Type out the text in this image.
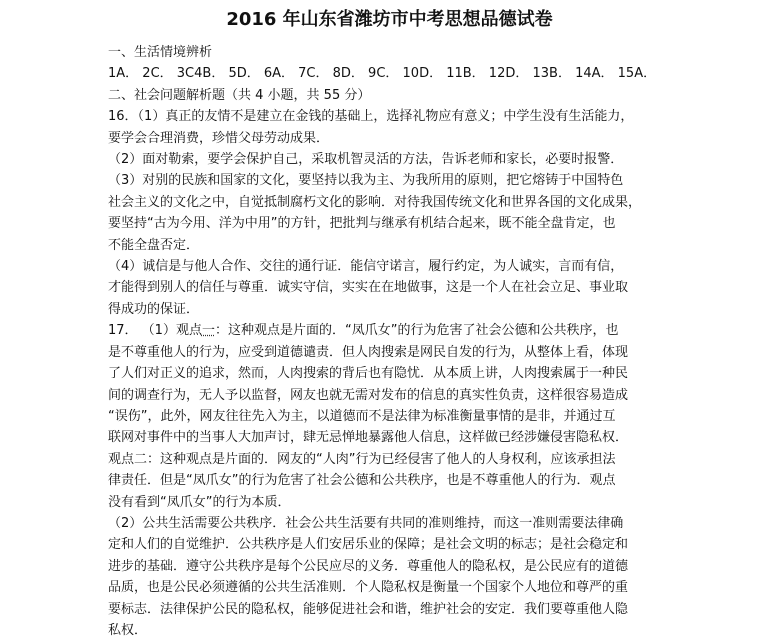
2016 年山东省潍坊市中考思想品德试卷
一、生活情境辨析
1A． 2C． 3C4B． 5D． 6A． 7C． 8D． 9C． 10D． 11B． 12D． 13B． 14A． 15A．
二、社会问题解析题（共 4 小题，共 55 分）
16．（1）真正的友情不是建立在金钱的基础上，选择礼物应有意义；中学生没有生活能力，
要学会合理消费，珍惜父母劳动成果．
（2）面对勒索，要学会保护自己，采取机智灵活的方法，告诉老师和家长，必要时报警．
（3）对别的民族和国家的文化，要坚持以我为主、为我所用的原则，把它熔铸于中国特色
社会主义的文化之中，自觉抵制腐朽文化的影响．对待我国传统文化和世界各国的文化成果，
要坚持“古为今用、洋为中用”的方针，把批判与继承有机结合起来，既不能全盘肯定，也
不能全盘否定．
（4）诚信是与他人合作、交往的通行证．能信守诺言，履行约定，为人诚实，言而有信，
才能得到别人的信任与尊重．诚实守信，实实在在地做事，这是一个人在社会立足、事业取
得成功的保证．
17． （1）观点一：这种观点是片面的．“凤爪女”的行为危害了社会公德和公共秩序，也
是不尊重他人的行为，应受到道德谴责．但人肉搜索是网民自发的行为，从整体上看，体现
了人们对正义的追求，然而，人肉搜索的背后也有隐忧．从本质上讲，人肉搜索属于一种民
间的调查行为，无人予以监督，网友也就无需对发布的信息的真实性负责，这样很容易造成
“误伤”，此外，网友往往先入为主，以道德而不是法律为标准衡量事情的是非，并通过互
联网对事件中的当事人大加声讨，肆无忌惮地暴露他人信息，这样做已经涉嫌侵害隐私权．
观点二：这种观点是片面的．网友的“人肉”行为已经侵害了他人的人身权利，应该承担法
律责任．但是“凤爪女”的行为危害了社会公德和公共秩序，也是不尊重他人的行为．观点
没有看到“凤爪女”的行为本质．
（2）公共生活需要公共秩序．社会公共生活要有共同的准则维持，而这一准则需要法律确
定和人们的自觉维护．公共秩序是人们安居乐业的保障；是社会文明的标志；是社会稳定和
进步的基础．遵守公共秩序是每个公民应尽的义务．尊重他人的隐私权，是公民应有的道德
品质，也是公民必须遵循的公共生活准则．个人隐私权是衡量一个国家个人地位和尊严的重
要标志．法律保护公民的隐私权，能够促进社会和谐，维护社会的安定．我们要尊重他人隐
私权．
